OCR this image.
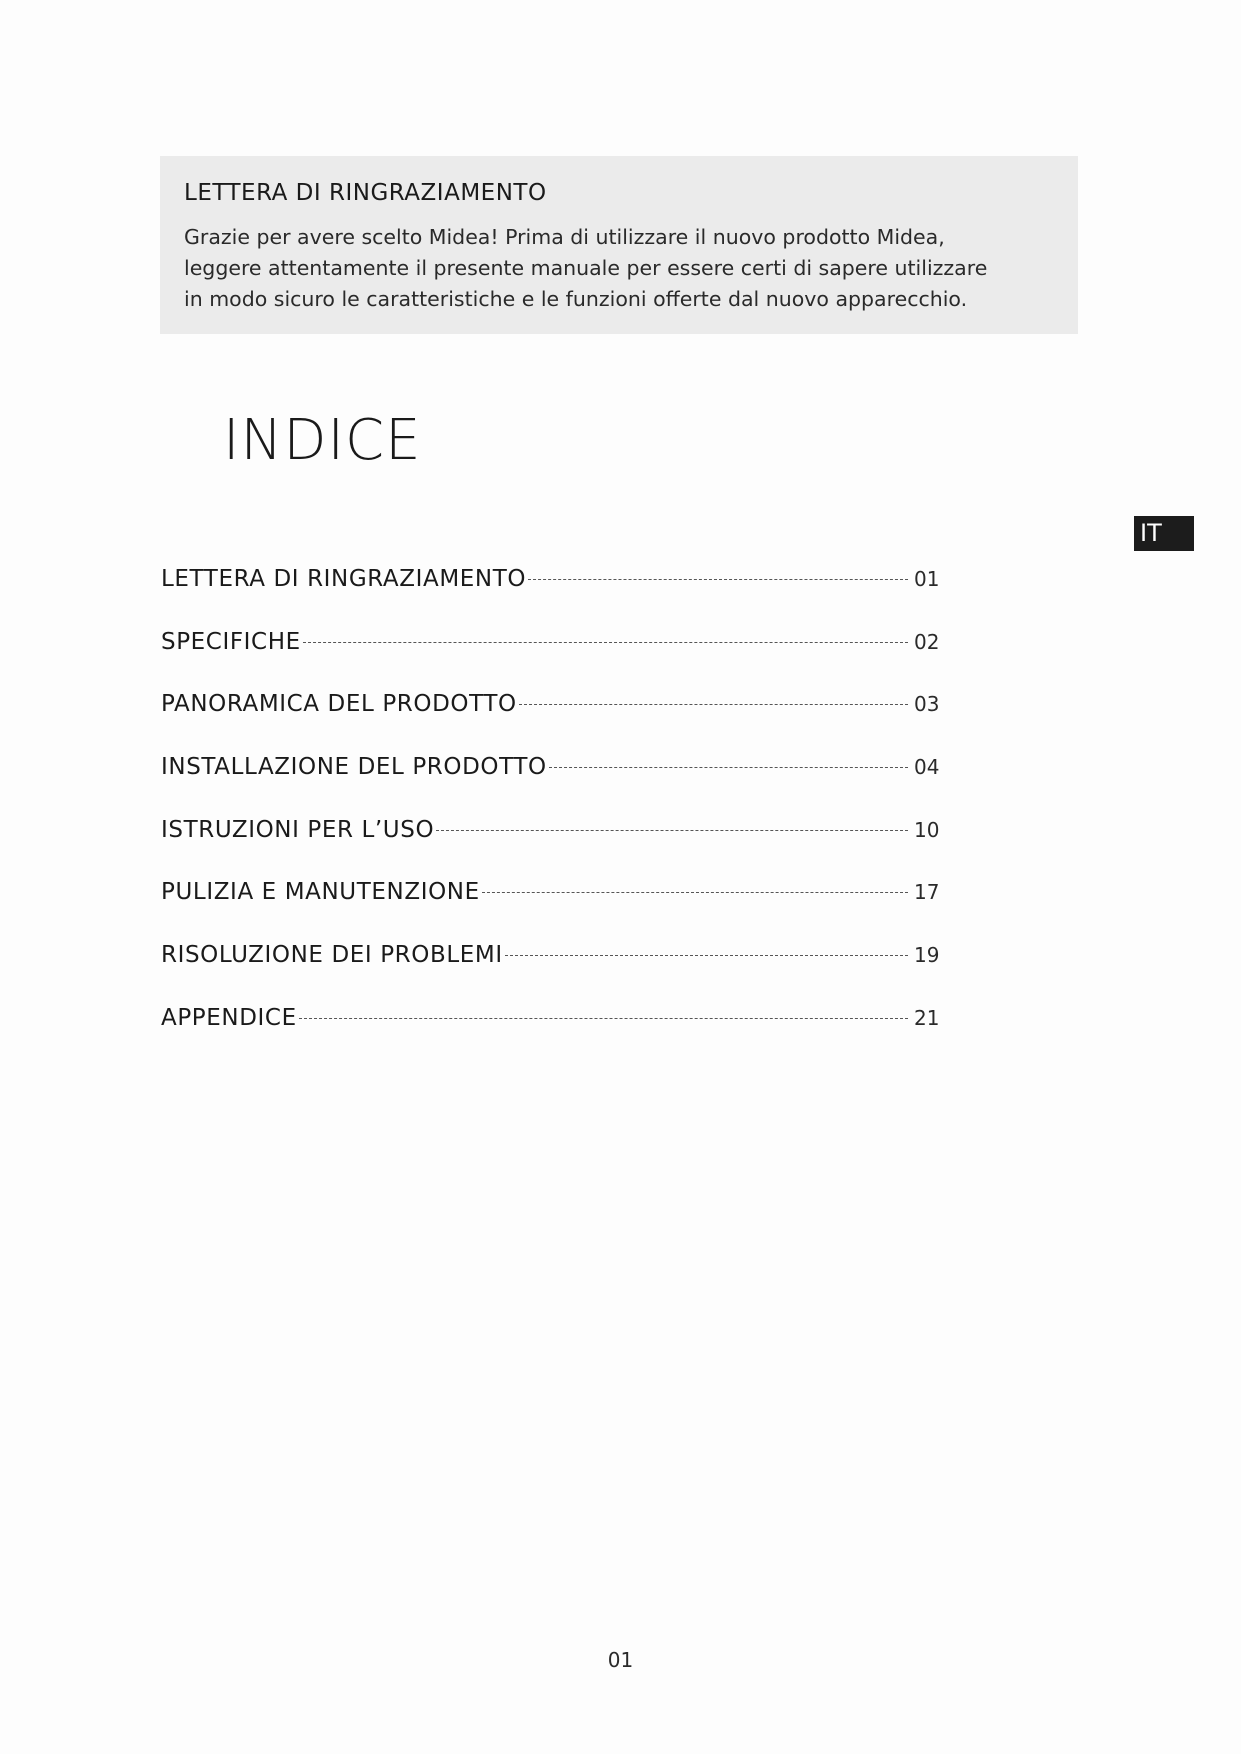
LETTERA DI RINGRAZIAMENTO

Grazie per avere scelto Midea! Prima di utilizzare il nuovo prodotto Midea,
leggere attentamente il presente manuale per essere certi di sapere utilizzare
in modo sicuro le caratteristiche e le funzioni offerte dal nuovo apparecchio.

INDICE
IT
LETTERA DI RINGRAZIAMENTO	01
SPECIFICHE	02
PANORAMICA DEL PRODOTTO	03
INSTALLAZIONE DEL PRODOTTO	04
ISTRUZIONI PER L’USO	10
PULIZIA E MANUTENZIONE	17
RISOLUZIONE DEI PROBLEMI	19
APPENDICE	21
01
